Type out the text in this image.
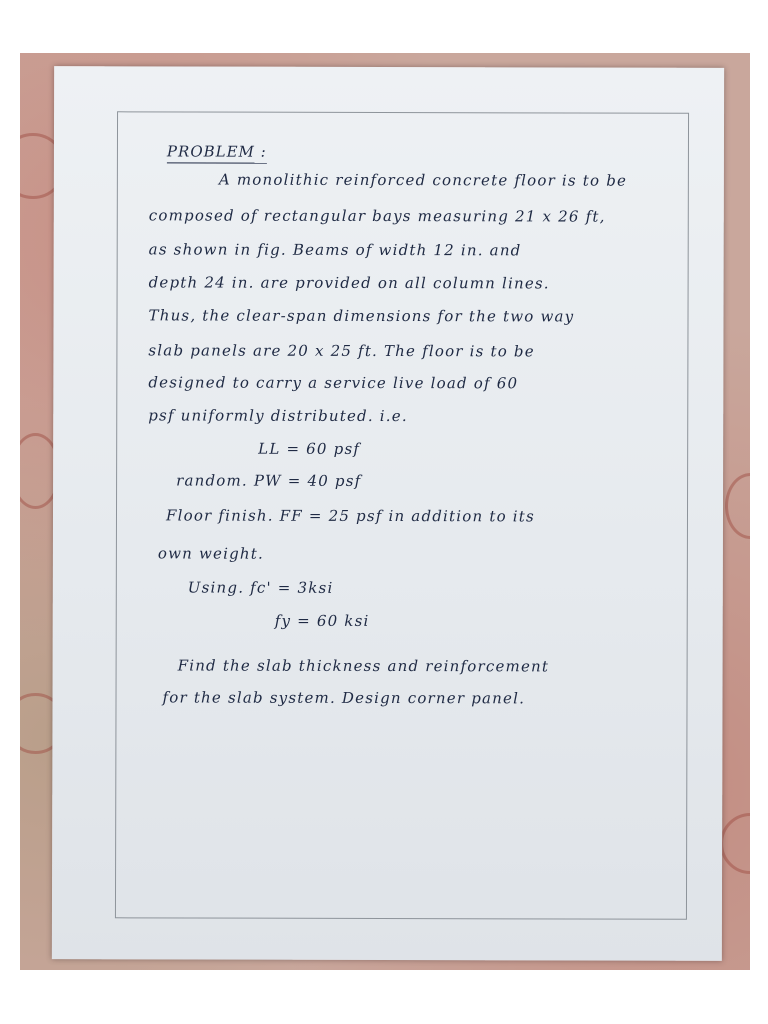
PROBLEM :
A monolithic reinforced concrete floor is to be
composed of rectangular bays measuring 21 x 26 ft,
as shown in fig. Beams of width 12 in. and
depth 24 in. are provided on all column lines.
Thus, the clear-span dimensions for the two way
slab panels are 20 x 25 ft. The floor is to be
designed to carry a service live load of 60
psf uniformly distributed. i.e.
LL = 60 psf
random. PW = 40 psf
Floor finish. FF = 25 psf in addition to its
own weight.
Using. fc' = 3ksi
fy = 60 ksi
Find the slab thickness and reinforcement
for the slab system. Design corner panel.
